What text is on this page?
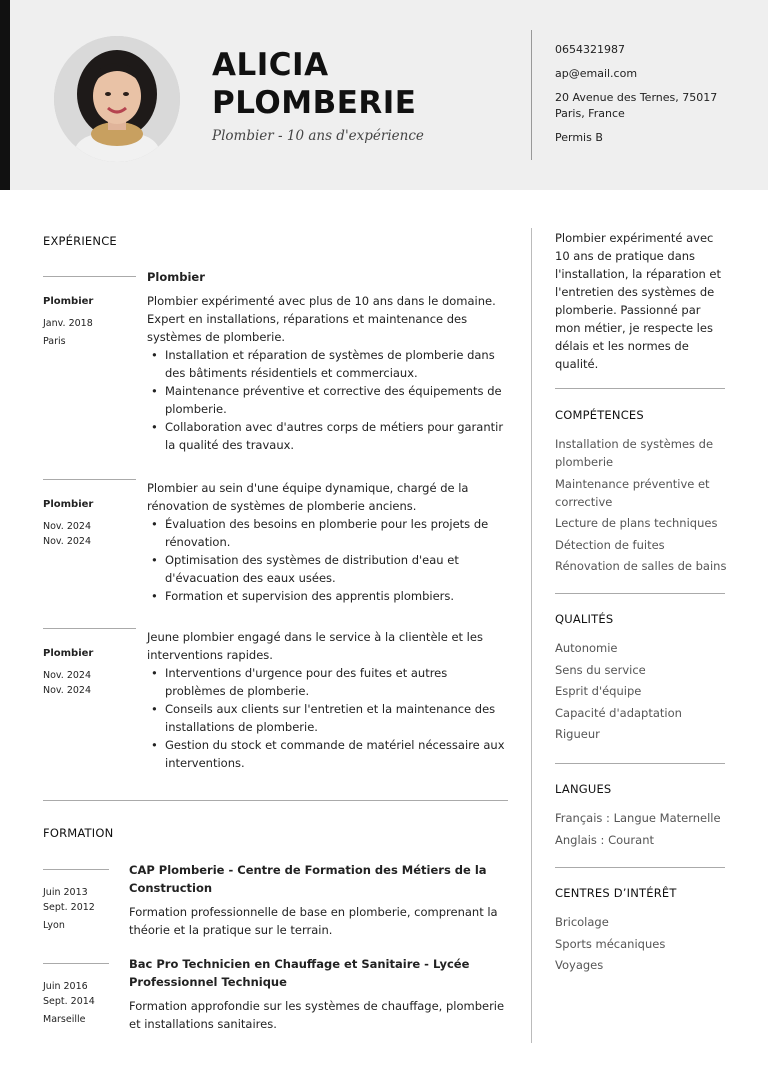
ALICIA
PLOMBERIE
Plombier - 10 ans d'expérience
0654321987
ap@email.com
20 Avenue des Ternes, 75017 Paris, France
Permis B
EXPÉRIENCE
Plombier
Janv. 2018
Paris
Plombier
Plombier expérimenté avec plus de 10 ans dans le domaine. Expert en installations, réparations et maintenance des systèmes de plomberie.
• Installation et réparation de systèmes de plomberie dans des bâtiments résidentiels et commerciaux.
• Maintenance préventive et corrective des équipements de plomberie.
• Collaboration avec d'autres corps de métiers pour garantir la qualité des travaux.
Plombier
Nov. 2024
Nov. 2024
Plombier au sein d'une équipe dynamique, chargé de la rénovation de systèmes de plomberie anciens.
• Évaluation des besoins en plomberie pour les projets de rénovation.
• Optimisation des systèmes de distribution d'eau et d'évacuation des eaux usées.
• Formation et supervision des apprentis plombiers.
Plombier
Nov. 2024
Nov. 2024
Jeune plombier engagé dans le service à la clientèle et les interventions rapides.
• Interventions d'urgence pour des fuites et autres problèmes de plomberie.
• Conseils aux clients sur l'entretien et la maintenance des installations de plomberie.
• Gestion du stock et commande de matériel nécessaire aux interventions.
FORMATION
Juin 2013
Sept. 2012
Lyon
CAP Plomberie - Centre de Formation des Métiers de la Construction
Formation professionnelle de base en plomberie, comprenant la théorie et la pratique sur le terrain.
Juin 2016
Sept. 2014
Marseille
Bac Pro Technicien en Chauffage et Sanitaire - Lycée Professionnel Technique
Formation approfondie sur les systèmes de chauffage, plomberie et installations sanitaires.
Plombier expérimenté avec 10 ans de pratique dans l'installation, la réparation et l'entretien des systèmes de plomberie. Passionné par mon métier, je respecte les délais et les normes de qualité.
COMPÉTENCES
Installation de systèmes de plomberie
Maintenance préventive et corrective
Lecture de plans techniques
Détection de fuites
Rénovation de salles de bains
QUALITÉS
Autonomie
Sens du service
Esprit d'équipe
Capacité d'adaptation
Rigueur
LANGUES
Français : Langue Maternelle
Anglais : Courant
CENTRES D’INTÉRÊT
Bricolage
Sports mécaniques
Voyages
